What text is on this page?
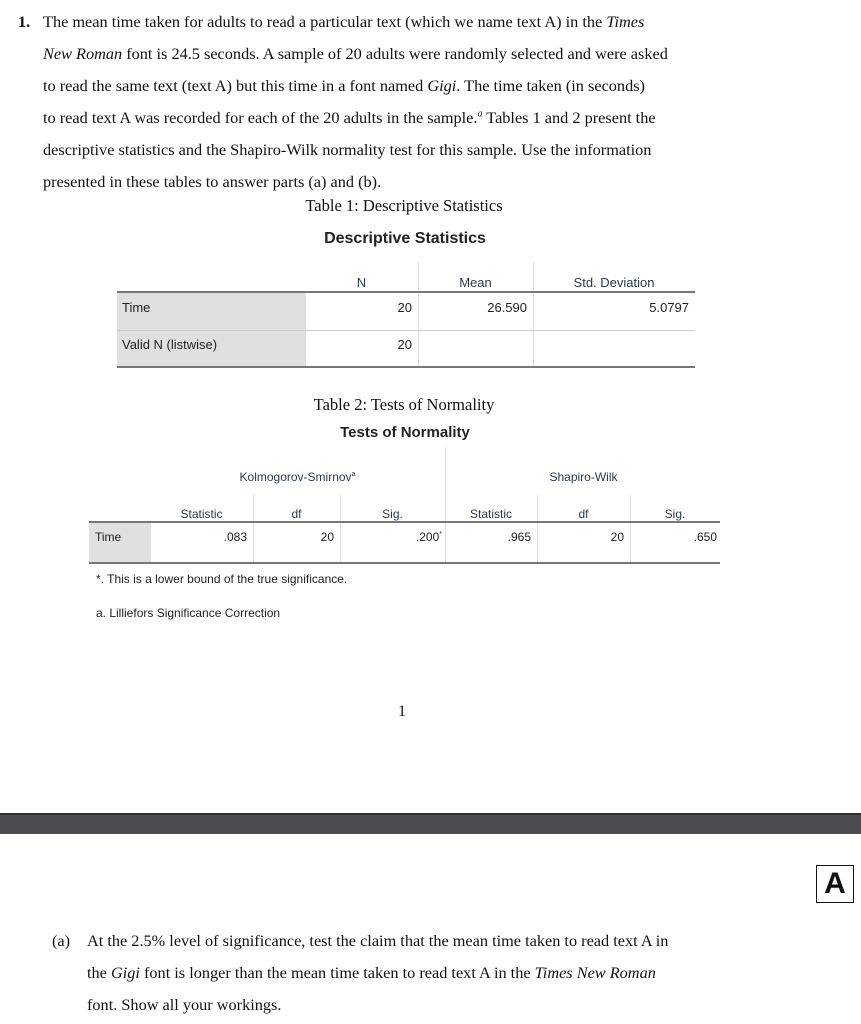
1. The mean time taken for adults to read a particular text (which we name text A) in the Times
New Roman font is 24.5 seconds. A sample of 20 adults were randomly selected and were asked
to read the same text (text A) but this time in a font named Gigi. The time taken (in seconds)
to read text A was recorded for each of the 20 adults in the sample.$^a$ Tables 1 and 2 present the
descriptive statistics and the Shapiro-Wilk normality test for this sample. Use the information
presented in these tables to answer parts (a) and (b).
Table 1: Descriptive Statistics
Descriptive Statistics
N	Mean	Std. Deviation
Time	20	26.590	5.0797
Valid N (listwise)	20
Table 2: Tests of Normality
Tests of Normality
Kolmogorov-Smirnov$^a$	Shapiro-Wilk
Statistic	df	Sig.	Statistic	df	Sig.
Time	.083	20	.200*	.965	20	.650
*. This is a lower bound of the true significance.
a. Lilliefors Significance Correction
1
A
(a) At the 2.5% level of significance, test the claim that the mean time taken to read text A in
the Gigi font is longer than the mean time taken to read text A in the Times New Roman
font. Show all your workings.
